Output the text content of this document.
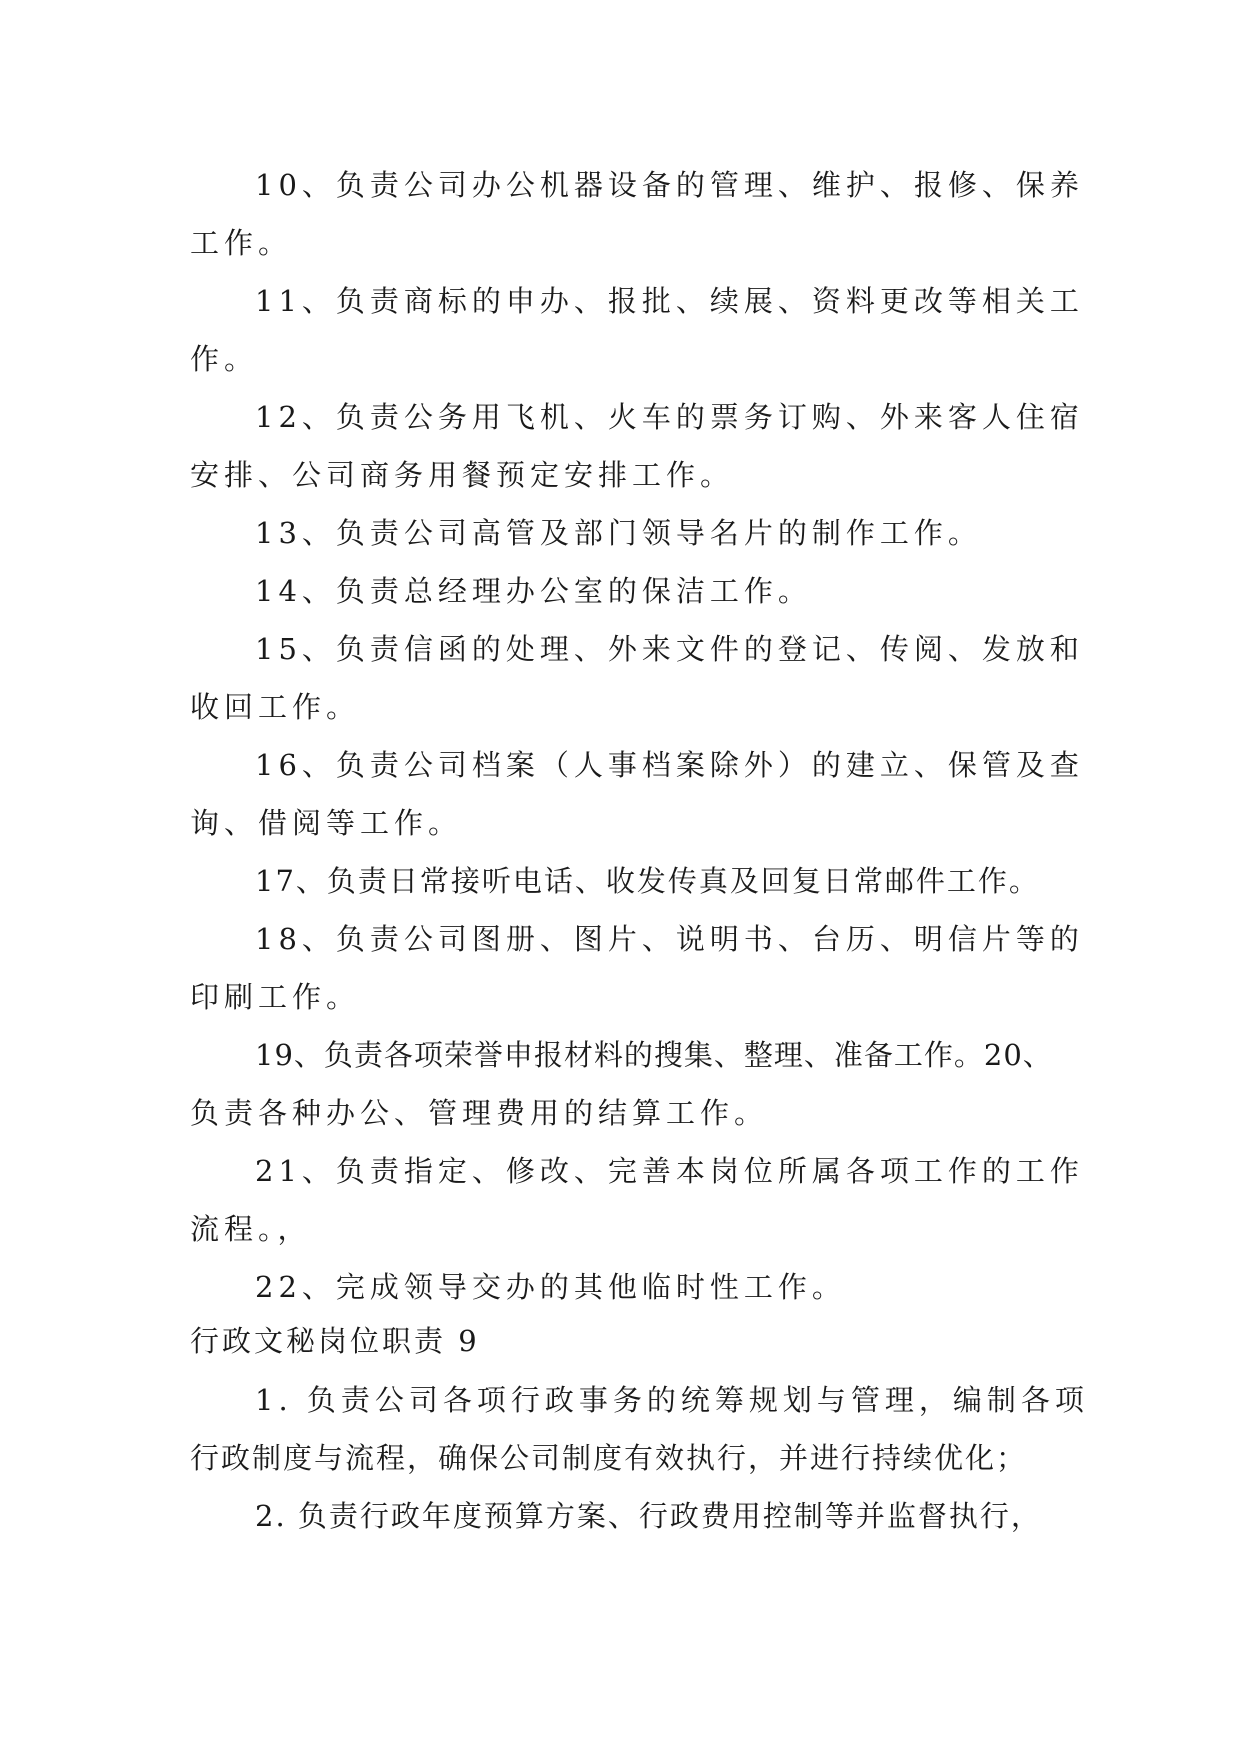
10、负责公司办公机器设备的管理、维护、报修、保养
工作。
11、负责商标的申办、报批、续展、资料更改等相关工
作。
12、负责公务用飞机、火车的票务订购、外来客人住宿
安排、公司商务用餐预定安排工作。
13、负责公司高管及部门领导名片的制作工作。
14、负责总经理办公室的保洁工作。
15、负责信函的处理、外来文件的登记、传阅、发放和
收回工作。
16、负责公司档案（人事档案除外）的建立、保管及查
询、借阅等工作。
17、负责日常接听电话、收发传真及回复日常邮件工作。
18、负责公司图册、图片、说明书、台历、明信片等的
印刷工作。
19、负责各项荣誉申报材料的搜集、整理、准备工作。20、
负责各种办公、管理费用的结算工作。
21、负责指定、修改、完善本岗位所属各项工作的工作
流程。，
22、完成领导交办的其他临时性工作。
行政文秘岗位职责 9
1. 负责公司各项行政事务的统筹规划与管理，编制各项
行政制度与流程，确保公司制度有效执行，并进行持续优化；
2. 负责行政年度预算方案、行政费用控制等并监督执行，
